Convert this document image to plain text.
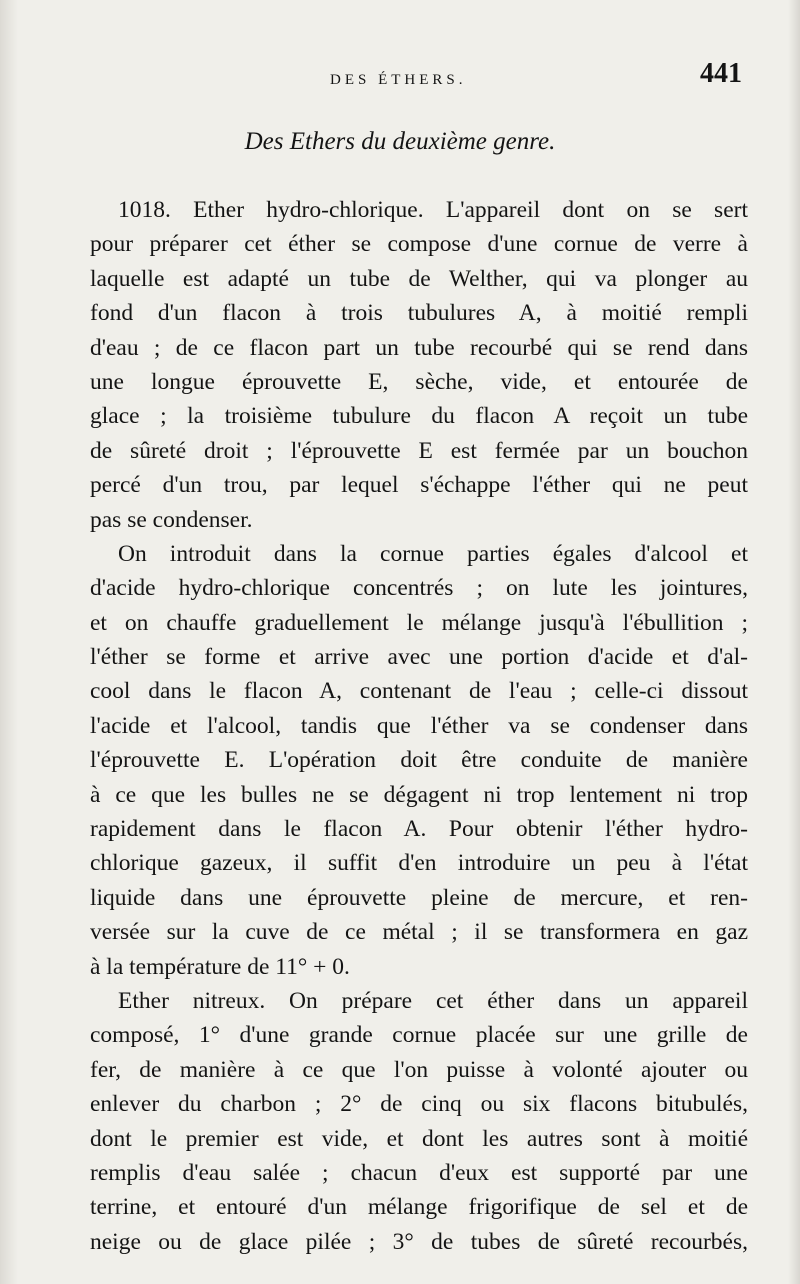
DES ÉTHERS.	441
Des Ethers du deuxième genre.
1018. Ether hydro-chlorique. L'appareil dont on se sert
pour préparer cet éther se compose d'une cornue de verre à
laquelle est adapté un tube de Welther, qui va plonger au
fond d'un flacon à trois tubulures A, à moitié rempli
d'eau ; de ce flacon part un tube recourbé qui se rend dans
une longue éprouvette E, sèche, vide, et entourée de
glace ; la troisième tubulure du flacon A reçoit un tube
de sûreté droit ; l'éprouvette E est fermée par un bouchon
percé d'un trou, par lequel s'échappe l'éther qui ne peut
pas se condenser.
On introduit dans la cornue parties égales d'alcool et
d'acide hydro-chlorique concentrés ; on lute les jointures,
et on chauffe graduellement le mélange jusqu'à l'ébullition ;
l'éther se forme et arrive avec une portion d'acide et d'al-
cool dans le flacon A, contenant de l'eau ; celle-ci dissout
l'acide et l'alcool, tandis que l'éther va se condenser dans
l'éprouvette E. L'opération doit être conduite de manière
à ce que les bulles ne se dégagent ni trop lentement ni trop
rapidement dans le flacon A. Pour obtenir l'éther hydro-
chlorique gazeux, il suffit d'en introduire un peu à l'état
liquide dans une éprouvette pleine de mercure, et ren-
versée sur la cuve de ce métal ; il se transformera en gaz
à la température de 11° + 0.
Ether nitreux. On prépare cet éther dans un appareil
composé, 1° d'une grande cornue placée sur une grille de
fer, de manière à ce que l'on puisse à volonté ajouter ou
enlever du charbon ; 2° de cinq ou six flacons bitubulés,
dont le premier est vide, et dont les autres sont à moitié
remplis d'eau salée ; chacun d'eux est supporté par une
terrine, et entouré d'un mélange frigorifique de sel et de
neige ou de glace pilée ; 3° de tubes de sûreté recourbés,
